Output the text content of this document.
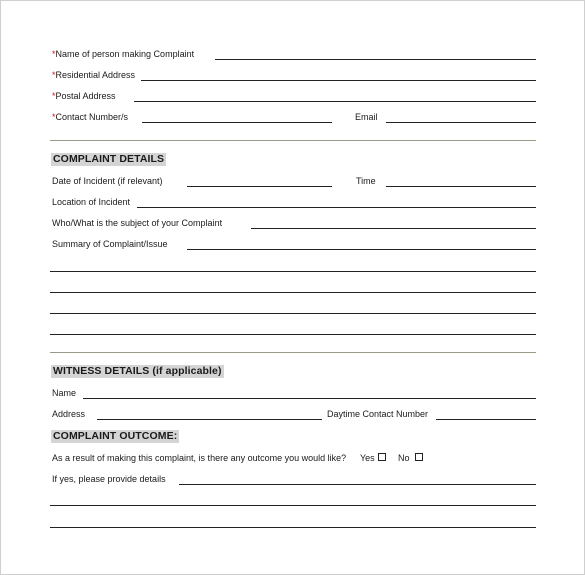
*Name of person making Complaint
*Residential Address
*Postal Address
*Contact Number/s	Email
COMPLAINT DETAILS
Date of Incident (if relevant)	Time
Location of Incident
Who/What is the subject of your Complaint
Summary of Complaint/Issue
WITNESS DETAILS (if applicable)
Name
Address	Daytime Contact Number
COMPLAINT OUTCOME:
As a result of making this complaint, is there any outcome you would like? Yes	No
If yes, please provide details
